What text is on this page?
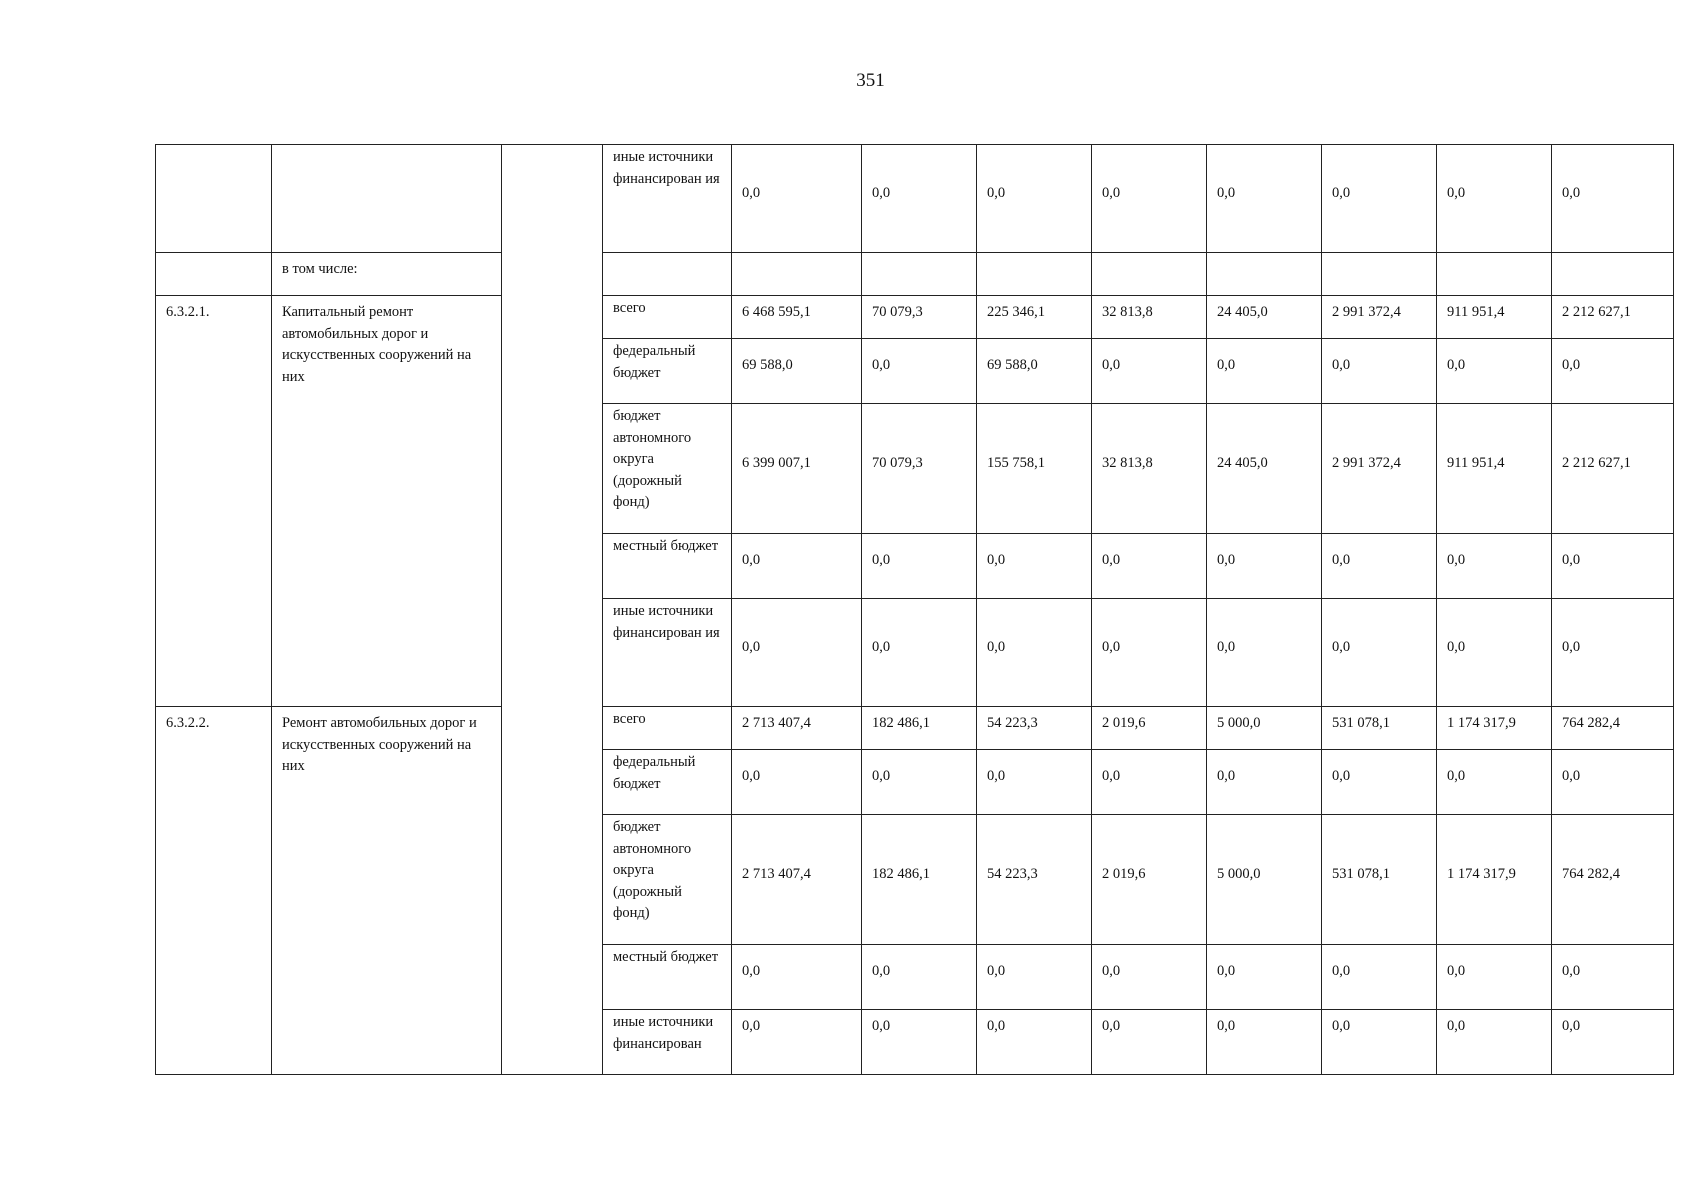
351
			иные источники финансирован ия	0,0	0,0	0,0	0,0	0,0	0,0	0,0	0,0
	в том числе:										
6.3.2.1.	Капитальный ремонт автомобильных дорог и искусственных сооружений на них		всего	6 468 595,1	70 079,3	225 346,1	32 813,8	24 405,0	2 991 372,4	911 951,4	2 212 627,1
			федеральный бюджет	69 588,0	0,0	69 588,0	0,0	0,0	0,0	0,0	0,0
			бюджет автономного округа (дорожный фонд)	6 399 007,1	70 079,3	155 758,1	32 813,8	24 405,0	2 991 372,4	911 951,4	2 212 627,1
			местный бюджет	0,0	0,0	0,0	0,0	0,0	0,0	0,0	0,0
			иные источники финансирован ия	0,0	0,0	0,0	0,0	0,0	0,0	0,0	0,0
6.3.2.2.	Ремонт автомобильных дорог и искусственных сооружений на них		всего	2 713 407,4	182 486,1	54 223,3	2 019,6	5 000,0	531 078,1	1 174 317,9	764 282,4
			федеральный бюджет	0,0	0,0	0,0	0,0	0,0	0,0	0,0	0,0
			бюджет автономного округа (дорожный фонд)	2 713 407,4	182 486,1	54 223,3	2 019,6	5 000,0	531 078,1	1 174 317,9	764 282,4
			местный бюджет	0,0	0,0	0,0	0,0	0,0	0,0	0,0	0,0
			иные источники финансирован	0,0	0,0	0,0	0,0	0,0	0,0	0,0	0,0
